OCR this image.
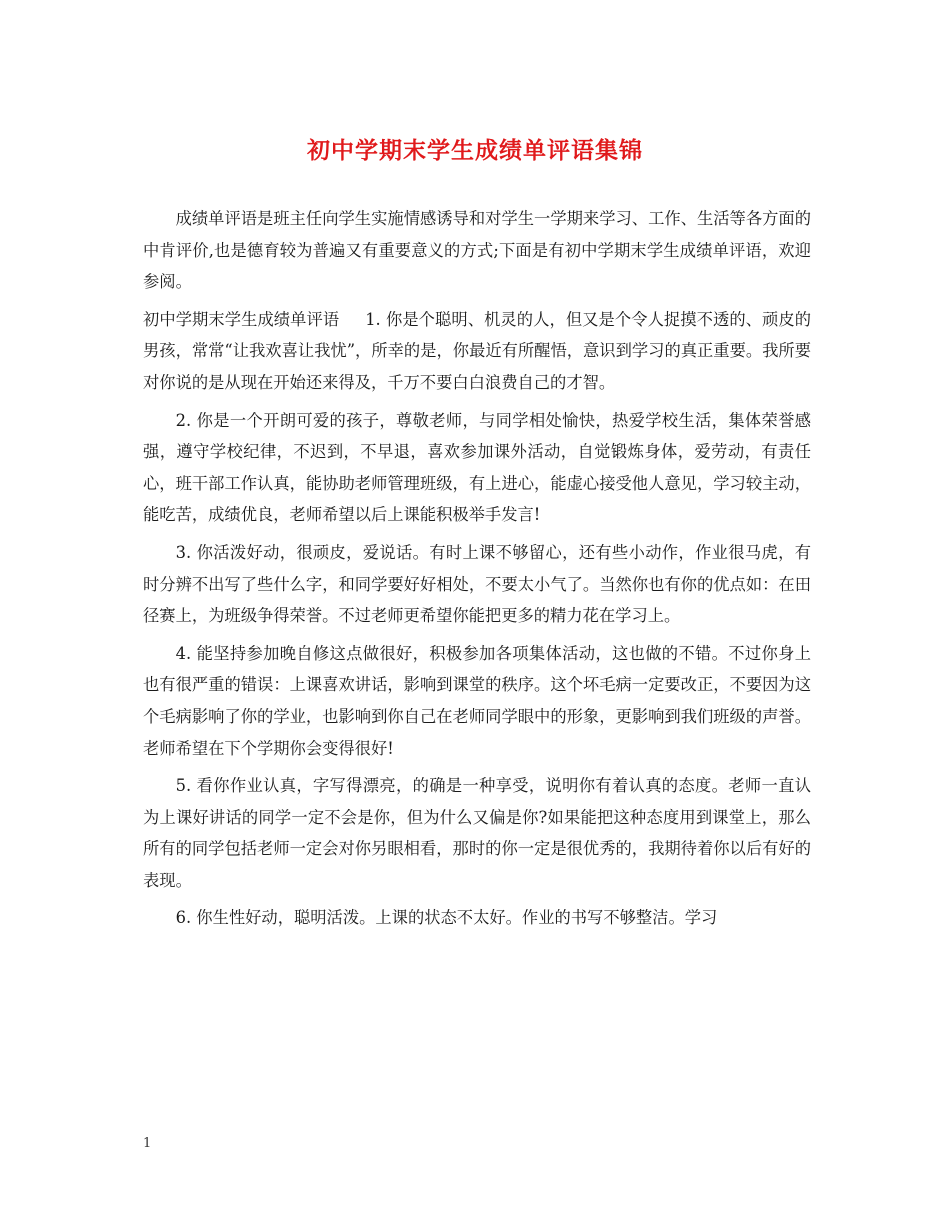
初中学期末学生成绩单评语集锦

成绩单评语是班主任向学生实施情感诱导和对学生一学期来学习、工作、生活等各方面的中肯评价,也是德育较为普遍又有重要意义的方式;下面是有初中学期末学生成绩单评语，欢迎参阅。

初中学期末学生成绩单评语 1. 你是个聪明、机灵的人，但又是个令人捉摸不透的、顽皮的男孩，常常“让我欢喜让我忧”，所幸的是，你最近有所醒悟，意识到学习的真正重要。我所要对你说的是从现在开始还来得及，千万不要白白浪费自己的才智。

2. 你是一个开朗可爱的孩子，尊敬老师，与同学相处愉快，热爱学校生活，集体荣誉感强，遵守学校纪律，不迟到，不早退，喜欢参加课外活动，自觉锻炼身体，爱劳动，有责任心，班干部工作认真，能协助老师管理班级，有上进心，能虚心接受他人意见，学习较主动，能吃苦，成绩优良，老师希望以后上课能积极举手发言!

3. 你活泼好动，很顽皮，爱说话。有时上课不够留心，还有些小动作，作业很马虎，有时分辨不出写了些什么字，和同学要好好相处，不要太小气了。当然你也有你的优点如：在田径赛上，为班级争得荣誉。不过老师更希望你能把更多的精力花在学习上。

4. 能坚持参加晚自修这点做很好，积极参加各项集体活动，这也做的不错。不过你身上也有很严重的错误：上课喜欢讲话，影响到课堂的秩序。这个坏毛病一定要改正，不要因为这个毛病影响了你的学业，也影响到你自己在老师同学眼中的形象，更影响到我们班级的声誉。老师希望在下个学期你会变得很好!

5. 看你作业认真，字写得漂亮，的确是一种享受，说明你有着认真的态度。老师一直认为上课好讲话的同学一定不会是你，但为什么又偏是你?如果能把这种态度用到课堂上，那么所有的同学包括老师一定会对你另眼相看，那时的你一定是很优秀的，我期待着你以后有好的表现。

6. 你生性好动，聪明活泼。上课的状态不太好。作业的书写不够整洁。学习

1
